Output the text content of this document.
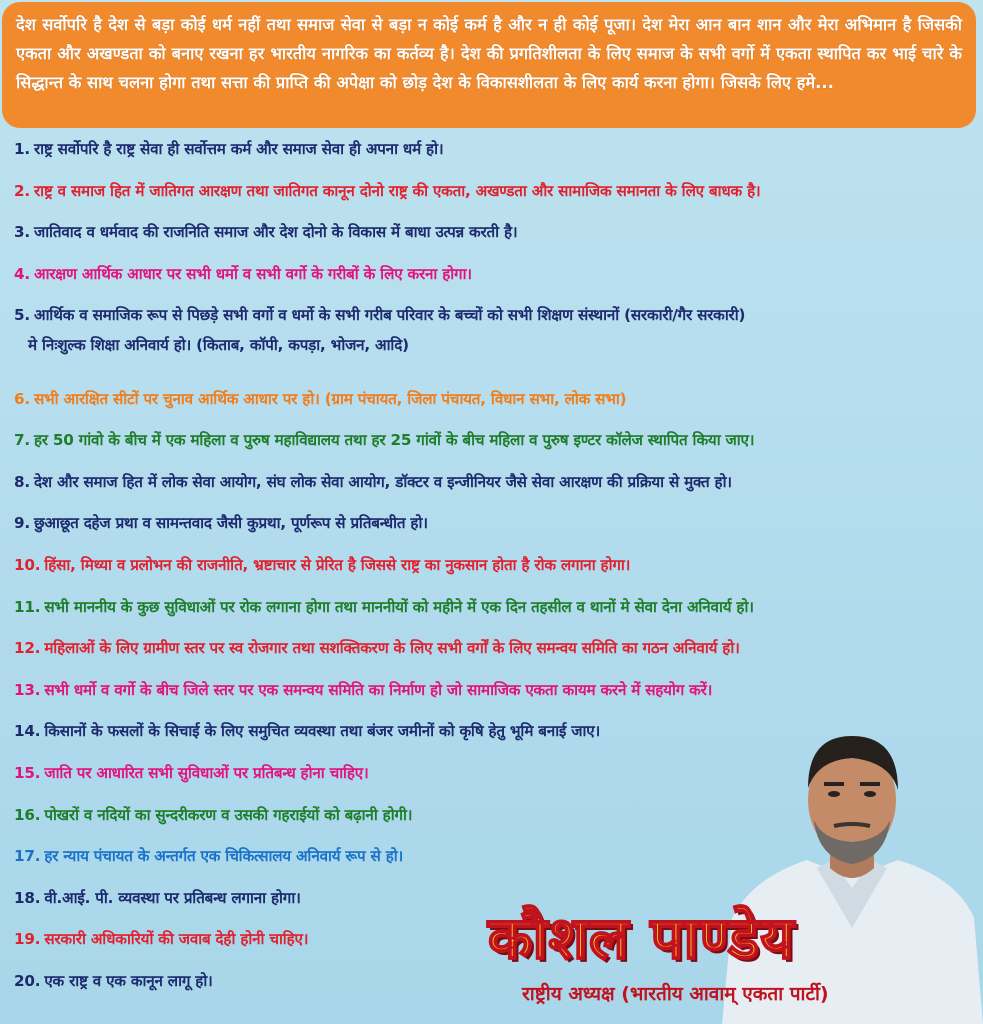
देश सर्वोपरि है देश से बड़ा कोई धर्म नहीं तथा समाज सेवा से बड़ा न कोई कर्म है और न ही कोई पूजा। देश मेरा आन बान शान और मेरा अभिमान है जिसकी एकता और अखण्डता को बनाए रखना हर भारतीय नागरिक का कर्तव्य है। देश की प्रगतिशीलता के लिए समाज के सभी वर्गो में एकता स्थापित कर भाई चारे के सिद्धान्त के साथ चलना होगा तथा सत्ता की प्राप्ति की अपेक्षा को छोड़ देश के विकासशीलता के लिए कार्य करना होगा। जिसके लिए हमे...
1. राष्ट्र सर्वोपरि है राष्ट्र सेवा ही सर्वोत्तम कर्म और समाज सेवा ही अपना धर्म हो।
2. राष्ट्र व समाज हित में जातिगत आरक्षण तथा जातिगत कानून दोनो राष्ट्र की एकता, अखण्डता और सामाजिक समानता के लिए बाधक है।
3. जातिवाद व धर्मवाद की राजनिति समाज और देश दोनो के विकास में बाधा उत्पन्न करती है।
4. आरक्षण आर्थिक आधार पर सभी धर्मो व सभी वर्गो के गरीबों के लिए करना होगा।
5. आर्थिक व समाजिक रूप से पिछड़े सभी वर्गो व धर्मो के सभी गरीब परिवार के बच्चों को सभी शिक्षण संस्थानों (सरकारी/गैर सरकारी)
मे निःशुल्क शिक्षा अनिवार्य हो। (किताब, कॉपी, कपड़ा, भोजन, आदि)
6. सभी आरक्षित सीटों पर चुनाव आर्थिक आधार पर हो। (ग्राम पंचायत, जिला पंचायत, विधान सभा, लोक सभा)
7. हर 50 गांवो के बीच में एक महिला व पुरुष महाविद्यालय तथा हर 25 गांवों के बीच महिला व पुरुष इण्टर कॉलेज स्थापित किया जाए।
8. देश और समाज हित में लोक सेवा आयोग, संघ लोक सेवा आयोग, डॉक्टर व इन्जीनियर जैसे सेवा आरक्षण की प्रक्रिया से मुक्त हो।
9. छुआछूत दहेज प्रथा व सामन्तवाद जैसी कुप्रथा, पूर्णरूप से प्रतिबन्धीत हो।
10. हिंसा, मिथ्या व प्रलोभन की राजनीति, भ्रष्टाचार से प्रेरित है जिससे राष्ट्र का नुकसान होता है रोक लगाना होगा।
11. सभी माननीय के कुछ सुविधाओं पर रोक लगाना होगा तथा माननीयों को महीने में एक दिन तहसील व थानों मे सेवा देना अनिवार्य हो।
12. महिलाओं के लिए ग्रामीण स्तर पर स्व रोजगार तथा सशक्तिकरण के लिए सभी वर्गों के लिए समन्वय समिति का गठन अनिवार्य हो।
13. सभी धर्मो व वर्गो के बीच जिले स्तर पर एक समन्वय समिति का निर्माण हो जो सामाजिक एकता कायम करने में सहयोग करें।
14. किसानों के फसलों के सिचाई के लिए समुचित व्यवस्था तथा बंजर जमीनों को कृषि हेतु भूमि बनाई जाए।
15. जाति पर आधारित सभी सुविधाओं पर प्रतिबन्ध होना चाहिए।
16. पोखरों व नदियों का सुन्दरीकरण व उसकी गहराईयों को बढ़ानी होगी।
17. हर न्याय पंचायत के अन्तर्गत एक चिकित्सालय अनिवार्य रूप से हो।
18. वी.आई. पी. व्यवस्था पर प्रतिबन्ध लगाना होगा।
19. सरकारी अधिकारियों की जवाब देही होनी चाहिए।
20. एक राष्ट्र व एक कानून लागू हो।
कौशल पाण्डेय
राष्ट्रीय अध्यक्ष (भारतीय आवाम् एकता पार्टी)
